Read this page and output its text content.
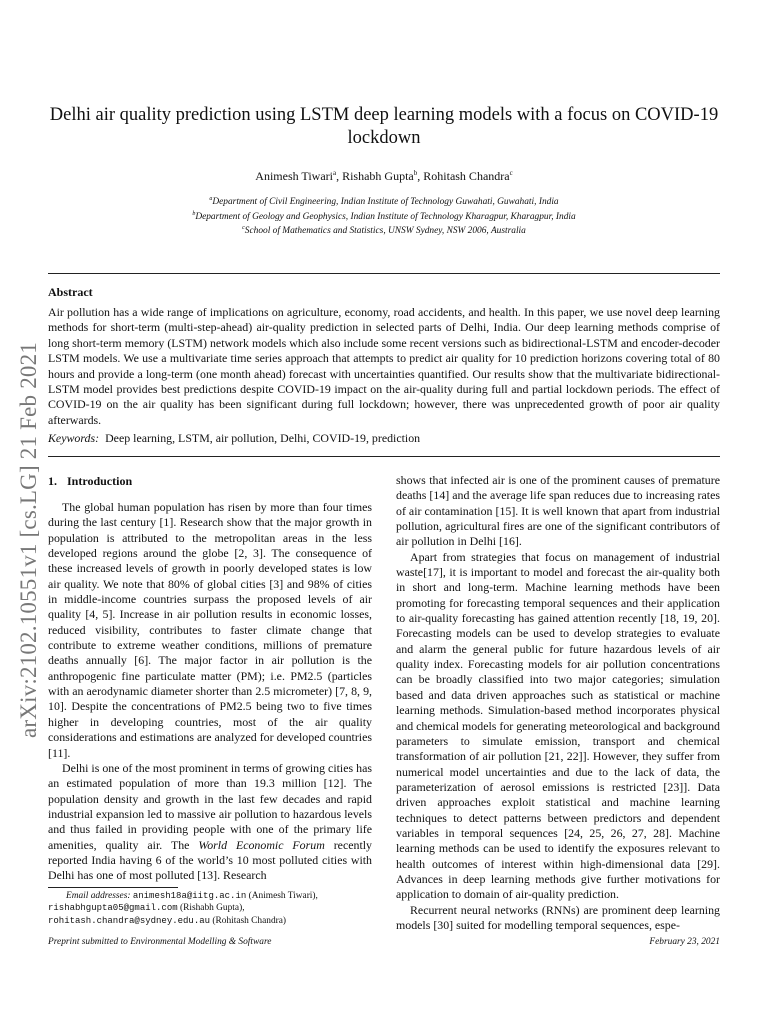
arXiv:2102.10551v1 [cs.LG] 21 Feb 2021
Delhi air quality prediction using LSTM deep learning models with a focus on COVID-19 lockdown
Animesh Tiwari$^a$, Rishabh Gupta$^b$, Rohitash Chandra$^c$
$^a$Department of Civil Engineering, Indian Institute of Technology Guwahati, Guwahati, India
$^b$Department of Geology and Geophysics, Indian Institute of Technology Kharagpur, Kharagpur, India
$^c$School of Mathematics and Statistics, UNSW Sydney, NSW 2006, Australia
Abstract
Air pollution has a wide range of implications on agriculture, economy, road accidents, and health. In this paper, we use novel deep learning methods for short-term (multi-step-ahead) air-quality prediction in selected parts of Delhi, India. Our deep learning methods comprise of long short-term memory (LSTM) network models which also include some recent versions such as bidirectional-LSTM and encoder-decoder LSTM models. We use a multivariate time series approach that attempts to predict air quality for 10 prediction horizons covering total of 80 hours and provide a long-term (one month ahead) forecast with uncertainties quantified. Our results show that the multivariate bidirectional-LSTM model provides best predictions despite COVID-19 impact on the air-quality during full and partial lockdown periods. The effect of COVID-19 on the air quality has been significant during full lockdown; however, there was unprecedented growth of poor air quality afterwards.
Keywords: Deep learning, LSTM, air pollution, Delhi, COVID-19, prediction
1. Introduction

The global human population has risen by more than four times during the last century [1]. Research show that the major growth in population is attributed to the metropolitan areas in the less developed regions around the globe [2, 3]. The consequence of these increased levels of growth in poorly developed states is low air quality. We note that 80% of global cities [3] and 98% of cities in middle-income countries surpass the proposed levels of air quality [4, 5]. Increase in air pollution results in economic losses, reduced visibility, contributes to faster climate change that contribute to extreme weather conditions, millions of premature deaths annually [6]. The major factor in air pollution is the anthropogenic fine particulate matter (PM); i.e. PM2.5 (particles with an aerodynamic diameter shorter than 2.5 micrometer) [7, 8, 9, 10]. Despite the concentrations of PM2.5 being two to five times higher in developing countries, most of the air quality considerations and estimations are analyzed for developed countries [11].

Delhi is one of the most prominent in terms of growing cities has an estimated population of more than 19.3 million [12]. The population density and growth in the last few decades and rapid industrial expansion led to massive air pollution to hazardous levels and thus failed in providing people with one of the primary life amenities, quality air. The World Economic Forum recently reported India having 6 of the world’s 10 most polluted cities with Delhi has one of most polluted [13]. Research

shows that infected air is one of the prominent causes of premature deaths [14] and the average life span reduces due to increasing rates of air contamination [15]. It is well known that apart from industrial pollution, agricultural fires are one of the significant contributors of air pollution in Delhi [16].

Apart from strategies that focus on management of industrial waste[17], it is important to model and forecast the air-quality both in short and long-term. Machine learning methods have been promoting for forecasting temporal sequences and their application to air-quality forecasting has gained attention recently [18, 19, 20]. Forecasting models can be used to develop strategies to evaluate and alarm the general public for future hazardous levels of air quality index. Forecasting models for air pollution concentrations can be broadly classified into two major categories; simulation based and data driven approaches such as statistical or machine learning methods. Simulation-based method incorporates physical and chemical models for generating meteorological and background parameters to simulate emission, transport and chemical transformation of air pollution [21, 22]]. However, they suffer from numerical model uncertainties and due to the lack of data, the parameterization of aerosol emissions is restricted [23]]. Data driven approaches exploit statistical and machine learning techniques to detect patterns between predictors and dependent variables in temporal sequences [24, 25, 26, 27, 28]. Machine learning methods can be used to identify the exposures relevant to health outcomes of interest within high-dimensional data [29]. Advances in deep learning methods give further motivations for application to domain of air-quality prediction.

Recurrent neural networks (RNNs) are prominent deep learning models [30] suited for modelling temporal sequences, espe-

Email addresses: animesh18a@iitg.ac.in (Animesh Tiwari),
rishabhgupta05@gmail.com (Rishabh Gupta),
rohitash.chandra@sydney.edu.au (Rohitash Chandra)
Preprint submitted to Environmental Modelling & Software	February 23, 2021
